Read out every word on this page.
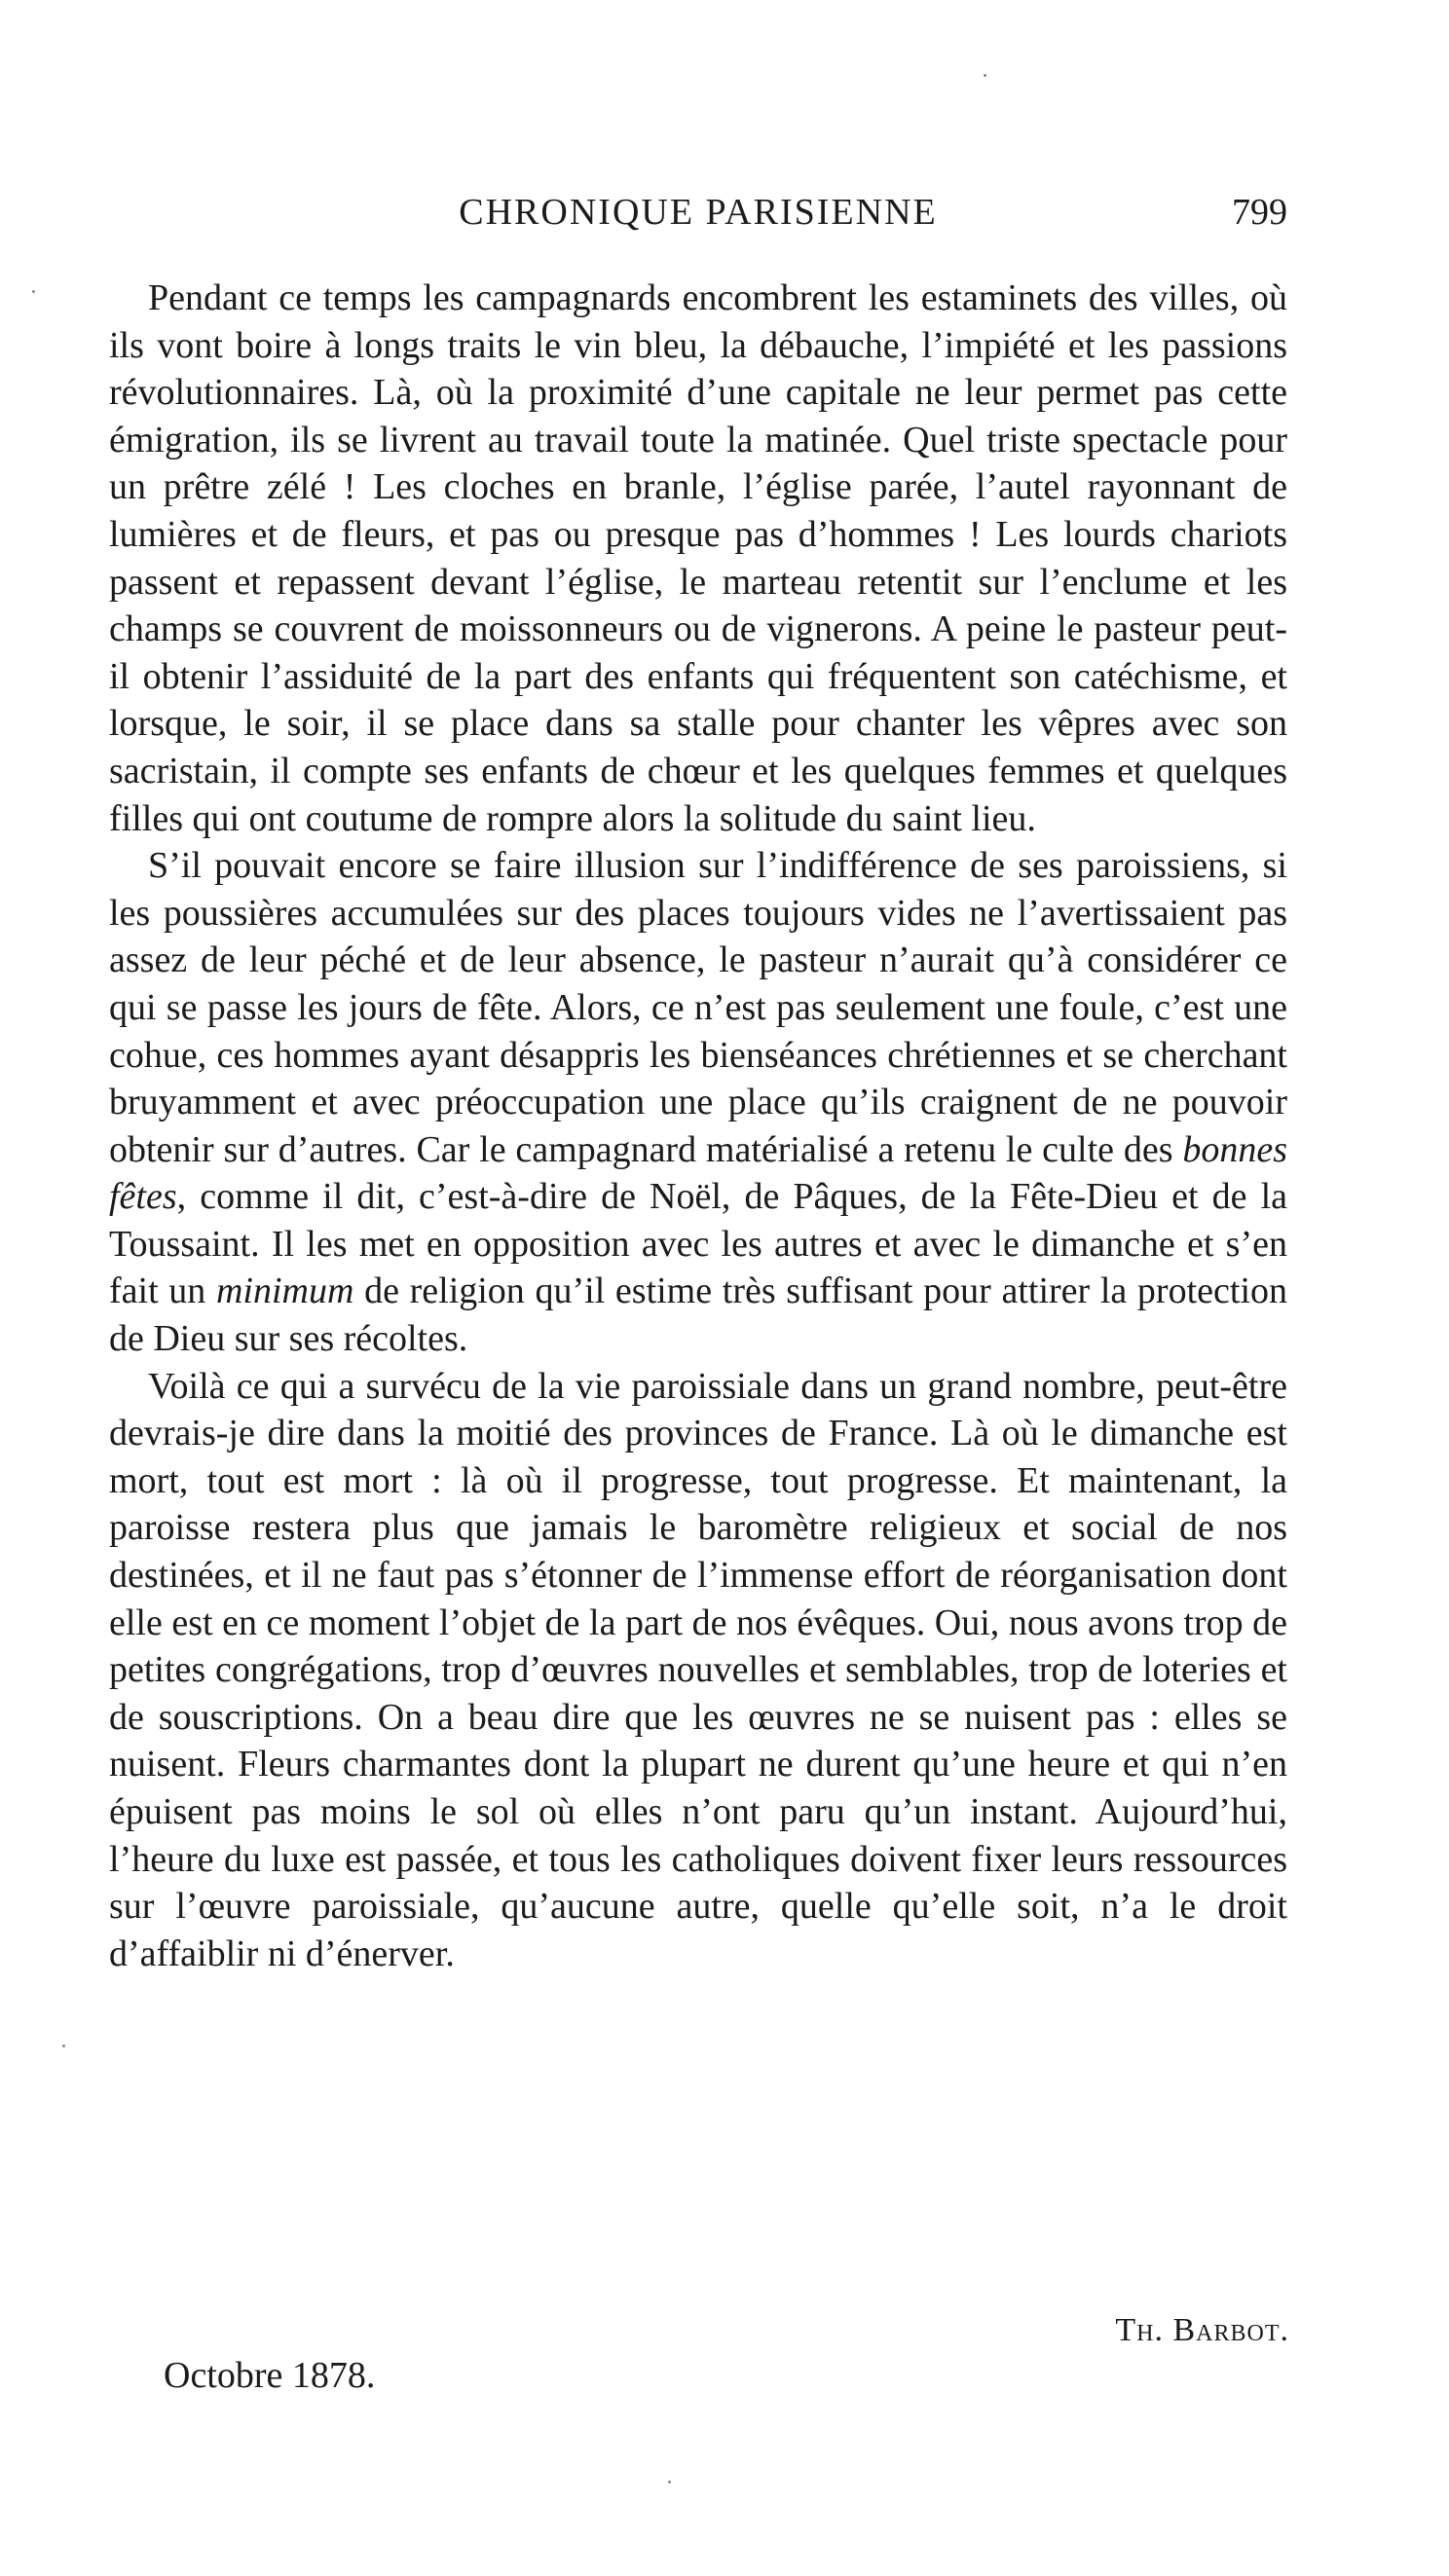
CHRONIQUE PARISIENNE	799

Pendant ce temps les campagnards encombrent les estaminets des villes, où ils vont boire à longs traits le vin bleu, la débauche, l’impiété et les passions révolutionnaires. Là, où la proximité d’une capitale ne leur permet pas cette émigration, ils se livrent au travail toute la matinée. Quel triste spectacle pour un prêtre zélé ! Les cloches en branle, l’église parée, l’autel rayonnant de lumières et de fleurs, et pas ou presque pas d’hommes ! Les lourds chariots passent et repassent devant l’église, le marteau retentit sur l’enclume et les champs se couvrent de moissonneurs ou de vignerons. A peine le pasteur peut-il obtenir l’assiduité de la part des enfants qui fréquentent son catéchisme, et lorsque, le soir, il se place dans sa stalle pour chanter les vêpres avec son sacristain, il compte ses enfants de chœur et les quelques femmes et quelques filles qui ont coutume de rompre alors la solitude du saint lieu.

S’il pouvait encore se faire illusion sur l’indifférence de ses paroissiens, si les poussières accumulées sur des places toujours vides ne l’avertissaient pas assez de leur péché et de leur absence, le pasteur n’aurait qu’à considérer ce qui se passe les jours de fête. Alors, ce n’est pas seulement une foule, c’est une cohue, ces hommes ayant désappris les bienséances chrétiennes et se cherchant bruyamment et avec préoccupation une place qu’ils craignent de ne pouvoir obtenir sur d’autres. Car le campagnard matérialisé a retenu le culte des bonnes fêtes, comme il dit, c’est-à-dire de Noël, de Pâques, de la Fête-Dieu et de la Toussaint. Il les met en opposition avec les autres et avec le dimanche et s’en fait un minimum de religion qu’il estime très suffisant pour attirer la protection de Dieu sur ses récoltes.

Voilà ce qui a survécu de la vie paroissiale dans un grand nombre, peut-être devrais-je dire dans la moitié des provinces de France. Là où le dimanche est mort, tout est mort : là où il progresse, tout progresse. Et maintenant, la paroisse restera plus que jamais le baromètre religieux et social de nos destinées, et il ne faut pas s’étonner de l’immense effort de réorganisation dont elle est en ce moment l’objet de la part de nos évêques. Oui, nous avons trop de petites congrégations, trop d’œuvres nouvelles et semblables, trop de loteries et de souscriptions. On a beau dire que les œuvres ne se nuisent pas : elles se nuisent. Fleurs charmantes dont la plupart ne durent qu’une heure et qui n’en épuisent pas moins le sol où elles n’ont paru qu’un instant. Aujourd’hui, l’heure du luxe est passée, et tous les catholiques doivent fixer leurs ressources sur l’œuvre paroissiale, qu’aucune autre, quelle qu’elle soit, n’a le droit d’affaiblir ni d’énerver.

Th. Barbot.
Octobre 1878.
